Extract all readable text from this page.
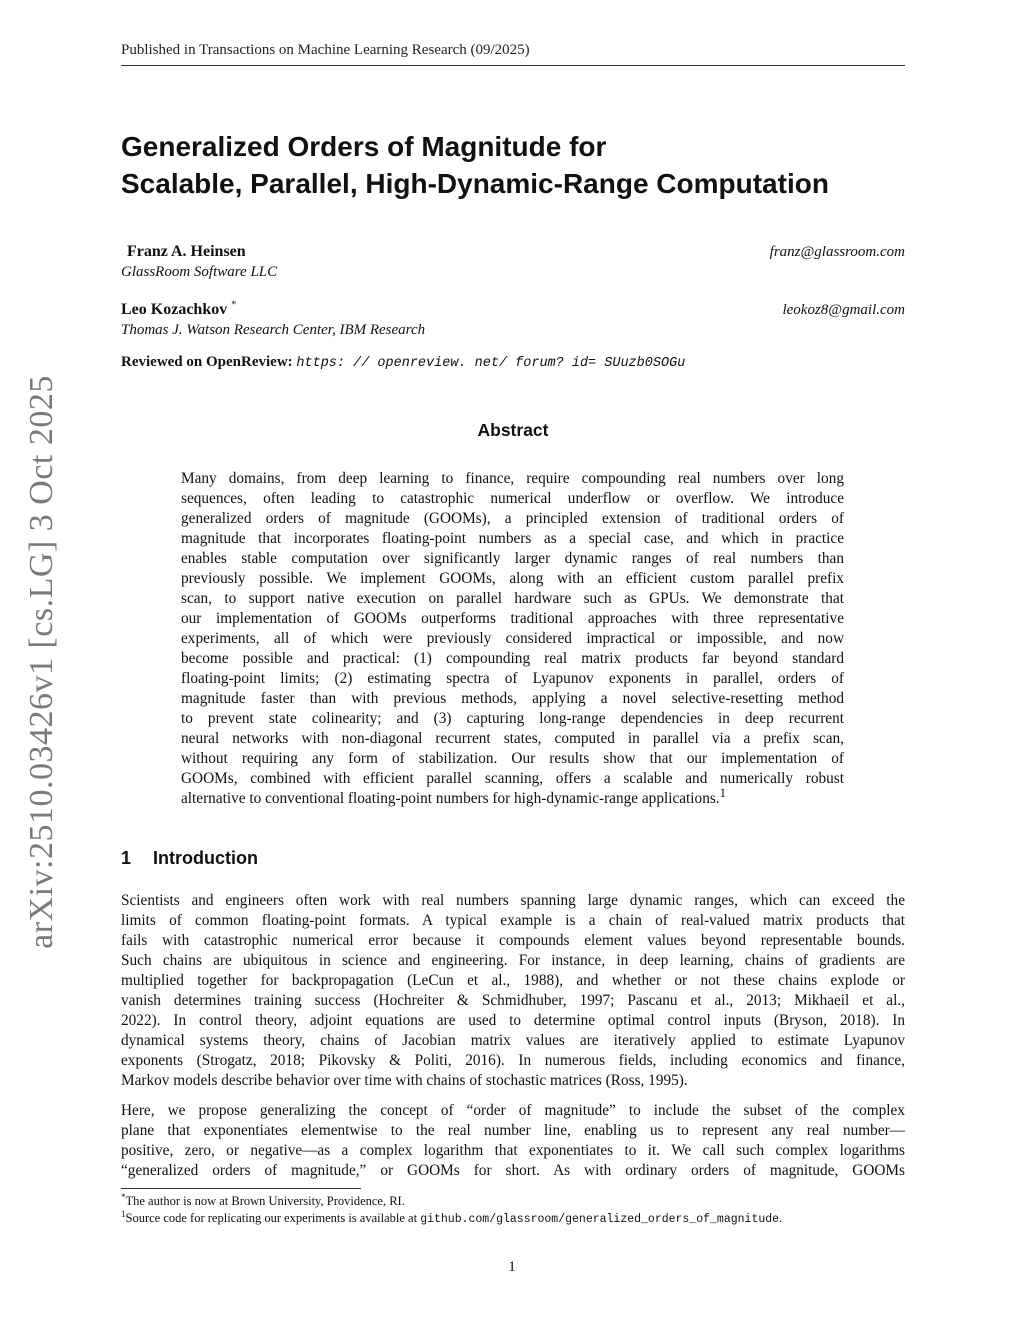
arXiv:2510.03426v1 [cs.LG] 3 Oct 2025
Published in Transactions on Machine Learning Research (09/2025)
Generalized Orders of Magnitude for
Scalable, Parallel, High-Dynamic-Range Computation
Franz A. Heinsen
GlassRoom Software LLC
franz@glassroom.com
Leo Kozachkov *
Thomas J. Watson Research Center, IBM Research
leokoz8@gmail.com
Reviewed on OpenReview: https: // openreview. net/ forum? id= SUuzb0SOGu
Abstract
Many domains, from deep learning to finance, require compounding real numbers over long
sequences, often leading to catastrophic numerical underflow or overflow. We introduce
generalized orders of magnitude (GOOMs), a principled extension of traditional orders of
magnitude that incorporates floating-point numbers as a special case, and which in practice
enables stable computation over significantly larger dynamic ranges of real numbers than
previously possible. We implement GOOMs, along with an efficient custom parallel prefix
scan, to support native execution on parallel hardware such as GPUs. We demonstrate that
our implementation of GOOMs outperforms traditional approaches with three representative
experiments, all of which were previously considered impractical or impossible, and now
become possible and practical: (1) compounding real matrix products far beyond standard
floating-point limits; (2) estimating spectra of Lyapunov exponents in parallel, orders of
magnitude faster than with previous methods, applying a novel selective-resetting method
to prevent state colinearity; and (3) capturing long-range dependencies in deep recurrent
neural networks with non-diagonal recurrent states, computed in parallel via a prefix scan,
without requiring any form of stabilization. Our results show that our implementation of
GOOMs, combined with efficient parallel scanning, offers a scalable and numerically robust
alternative to conventional floating-point numbers for high-dynamic-range applications.$^1$
1 Introduction
Scientists and engineers often work with real numbers spanning large dynamic ranges, which can exceed the
limits of common floating-point formats. A typical example is a chain of real-valued matrix products that
fails with catastrophic numerical error because it compounds element values beyond representable bounds.
Such chains are ubiquitous in science and engineering. For instance, in deep learning, chains of gradients are
multiplied together for backpropagation (LeCun et al., 1988), and whether or not these chains explode or
vanish determines training success (Hochreiter & Schmidhuber, 1997; Pascanu et al., 2013; Mikhaeil et al.,
2022). In control theory, adjoint equations are used to determine optimal control inputs (Bryson, 2018). In
dynamical systems theory, chains of Jacobian matrix values are iteratively applied to estimate Lyapunov
exponents (Strogatz, 2018; Pikovsky & Politi, 2016). In numerous fields, including economics and finance,
Markov models describe behavior over time with chains of stochastic matrices (Ross, 1995).
Here, we propose generalizing the concept of “order of magnitude” to include the subset of the complex
plane that exponentiates elementwise to the real number line, enabling us to represent any real number—
positive, zero, or negative—as a complex logarithm that exponentiates to it. We call such complex logarithms
“generalized orders of magnitude,” or GOOMs for short. As with ordinary orders of magnitude, GOOMs
*The author is now at Brown University, Providence, RI.
$^1$Source code for replicating our experiments is available at github.com/glassroom/generalized_orders_of_magnitude.
1
